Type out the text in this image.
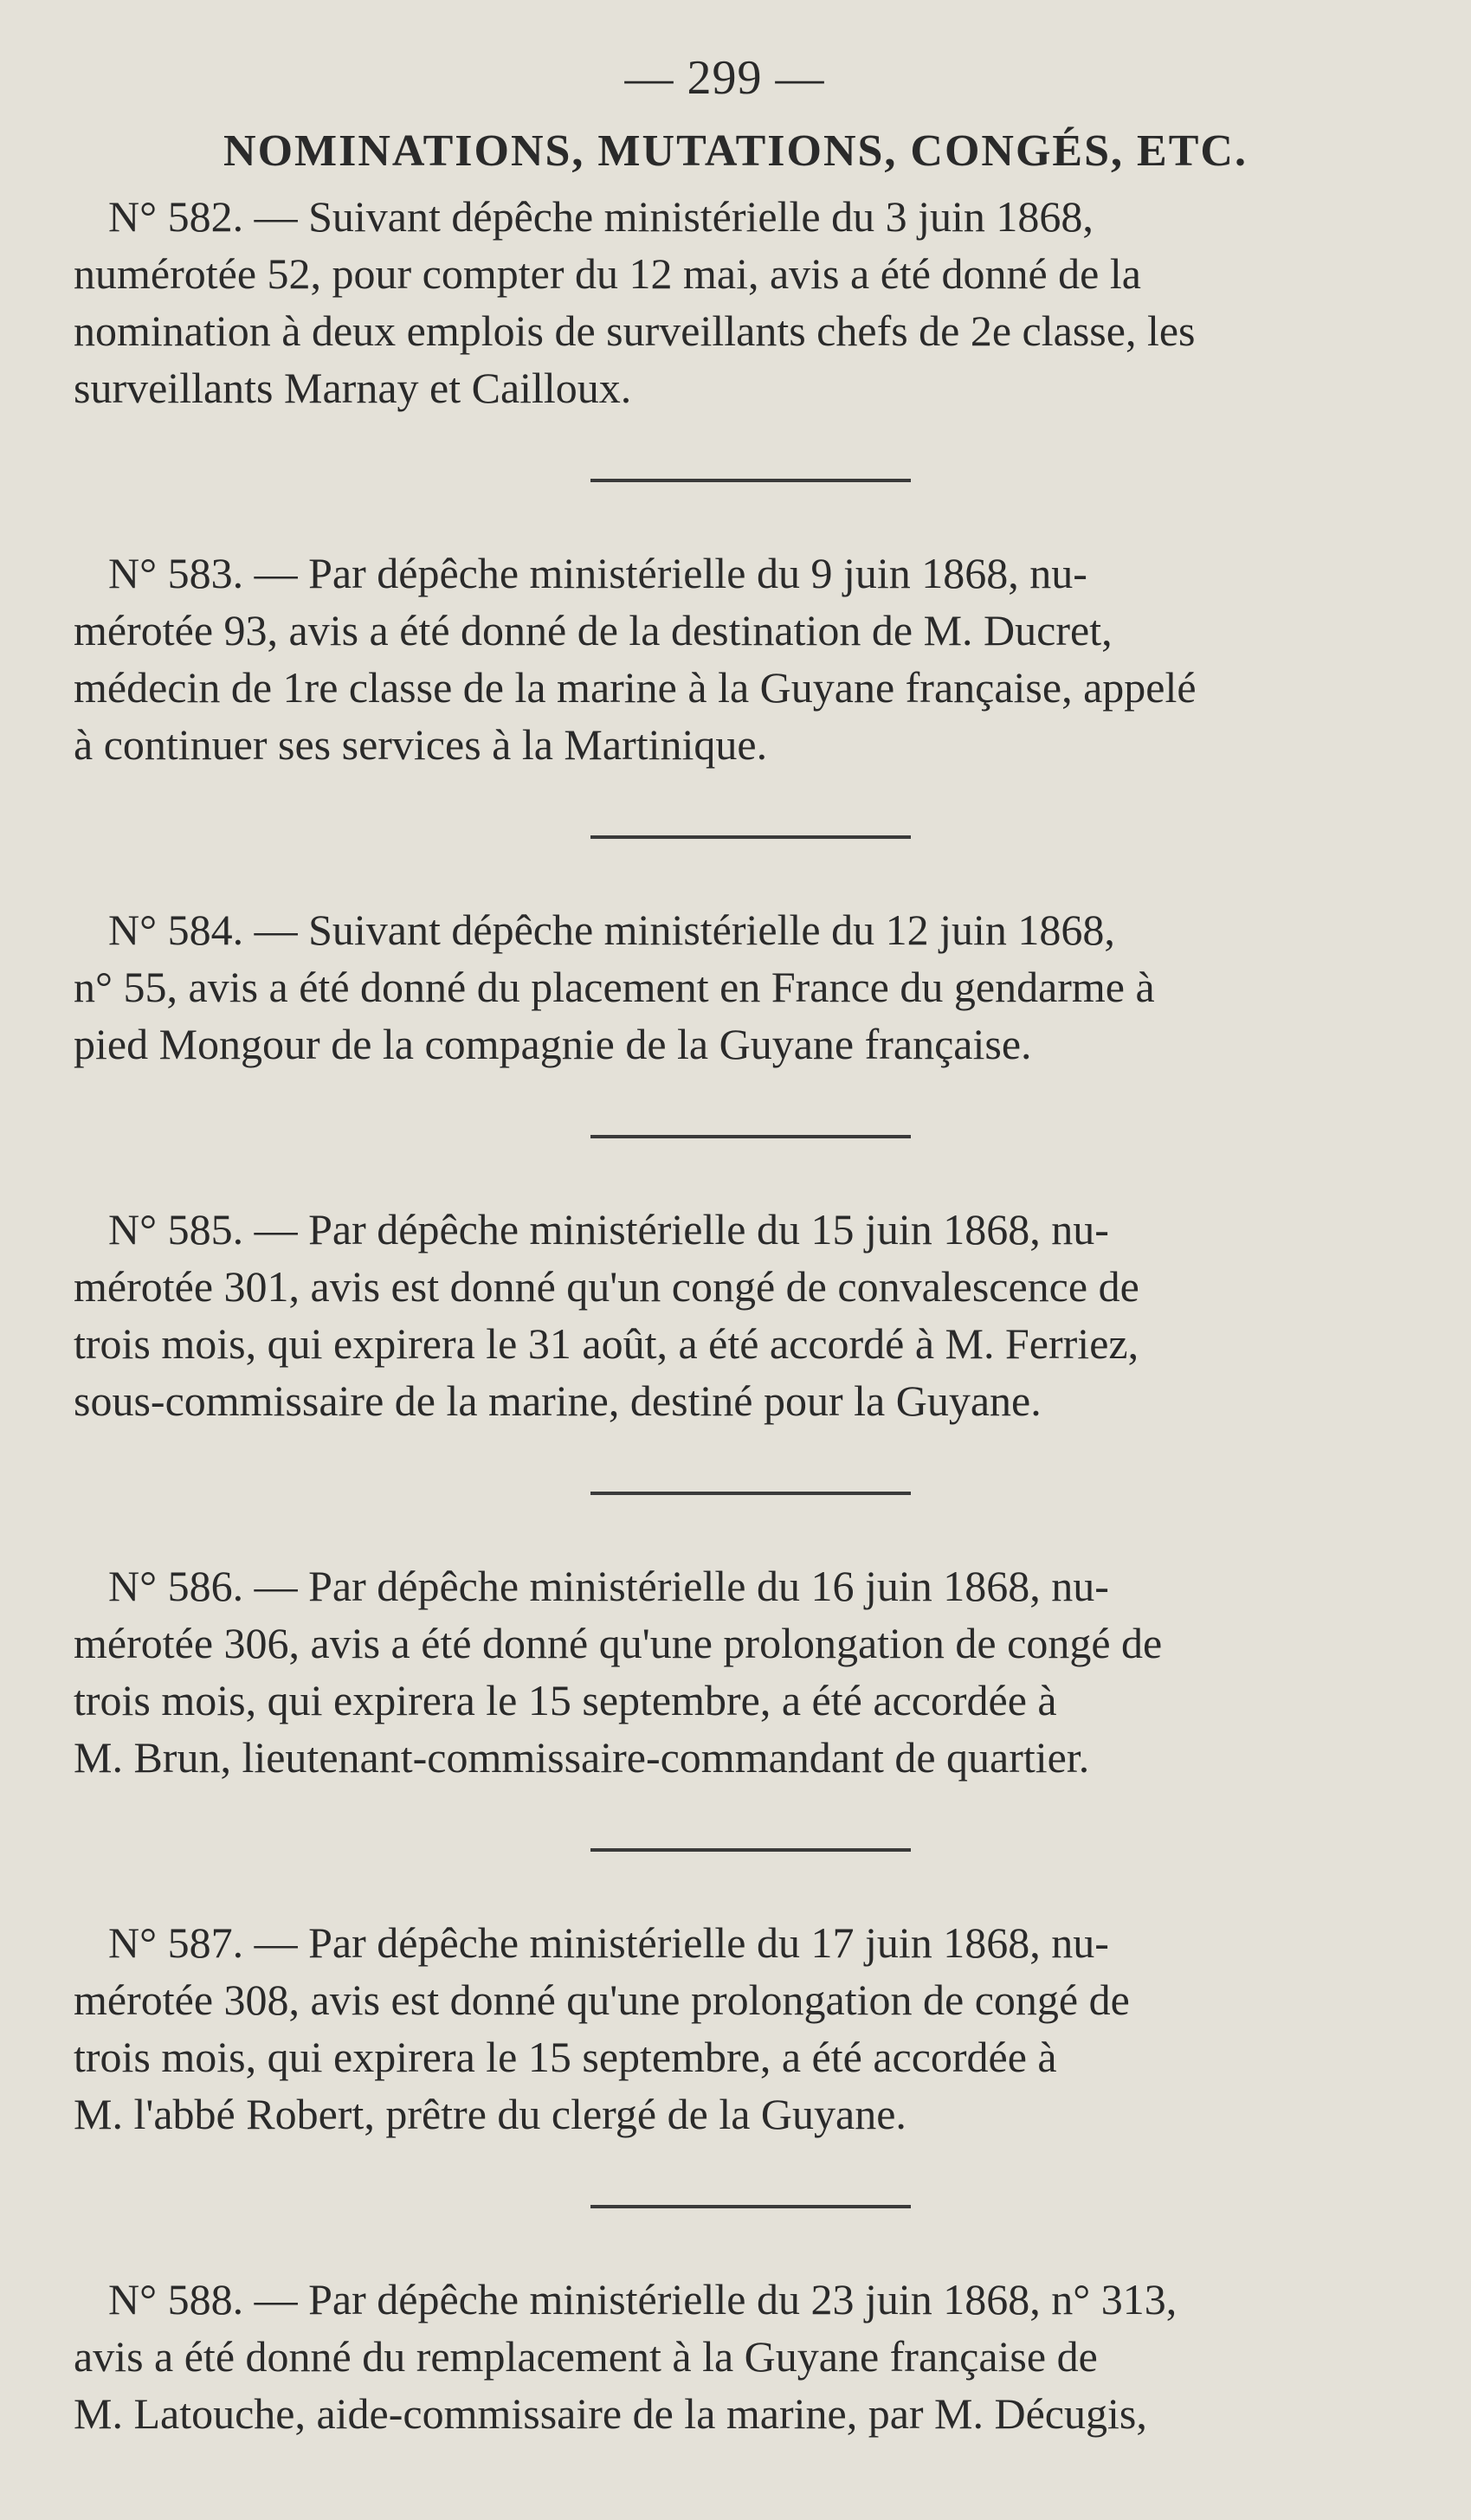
— 299 —

NOMINATIONS, MUTATIONS, CONGÉS, ETC.
N° 582. — Suivant dépêche ministérielle du 3 juin 1868,
numérotée 52, pour compter du 12 mai, avis a été donné de la
nomination à deux emplois de surveillants chefs de 2e classe, les
surveillants Marnay et Cailloux.
N° 583. — Par dépêche ministérielle du 9 juin 1868, nu-
mérotée 93, avis a été donné de la destination de M. Ducret,
médecin de 1re classe de la marine à la Guyane française, appelé
à continuer ses services à la Martinique.
N° 584. — Suivant dépêche ministérielle du 12 juin 1868,
n° 55, avis a été donné du placement en France du gendarme à
pied Mongour de la compagnie de la Guyane française.
N° 585. — Par dépêche ministérielle du 15 juin 1868, nu-
mérotée 301, avis est donné qu'un congé de convalescence de
trois mois, qui expirera le 31 août, a été accordé à M. Ferriez,
sous-commissaire de la marine, destiné pour la Guyane.
N° 586. — Par dépêche ministérielle du 16 juin 1868, nu-
mérotée 306, avis a été donné qu'une prolongation de congé de
trois mois, qui expirera le 15 septembre, a été accordée à
M. Brun, lieutenant-commissaire-commandant de quartier.
N° 587. — Par dépêche ministérielle du 17 juin 1868, nu-
mérotée 308, avis est donné qu'une prolongation de congé de
trois mois, qui expirera le 15 septembre, a été accordée à
M. l'abbé Robert, prêtre du clergé de la Guyane.
N° 588. — Par dépêche ministérielle du 23 juin 1868, n° 313,
avis a été donné du remplacement à la Guyane française de
M. Latouche, aide-commissaire de la marine, par M. Décugis,
